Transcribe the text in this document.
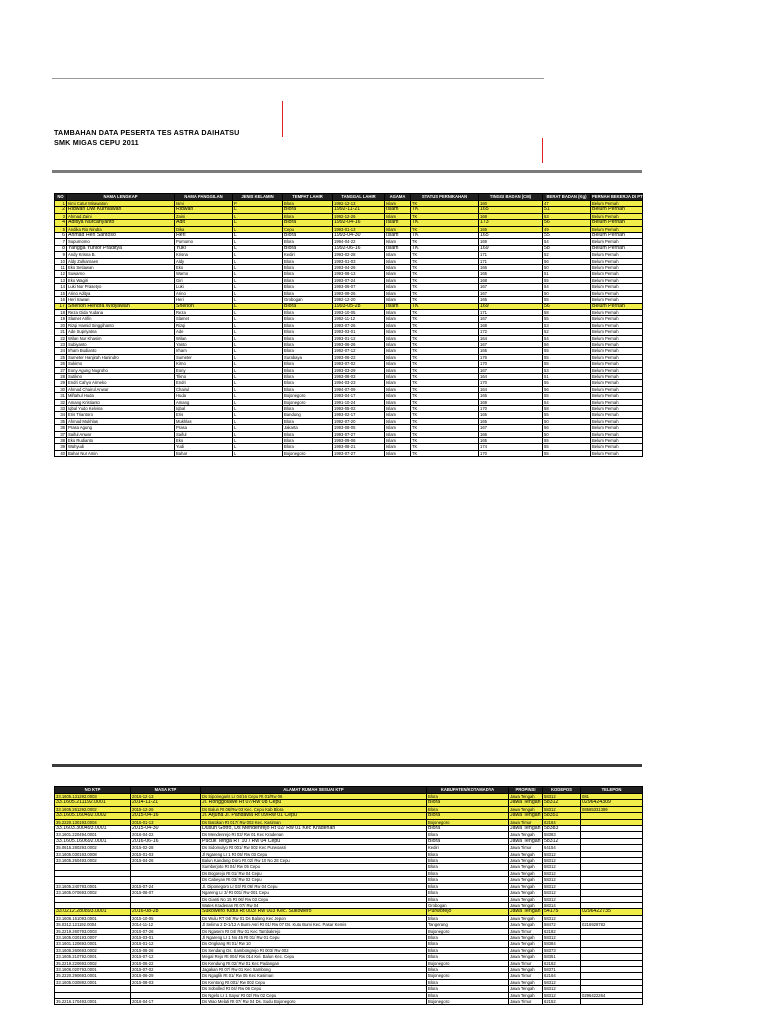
TAMBAHAN DATA PESERTA TES ASTRA DAIHATSU
SMK MIGAS CEPU 2011
NO	NAMA LENGKAP	NAMA PANGGILAN	JENIS KELAMIN	TEMPAT LAHIR	TANGGAL LAHIR	AGAMA	STATUS PERNIKAHAN	TINGGI BADAN (CM)	BERAT BADAN (Kg)	PERNAH BEKERJA DI PT ADM
1	Ismi Catur Mirawaton	Ismi	P	Blora	1992-12-13	Islam	TK	160	47	Belum Pernah
2	Ridwan Dwi Kurniawan	Ridwan	L	Blora	1992-11-21	Islam	TK	165	51	Belum Pernah
3	Ahmad Zaini	Zaini	L	Blora	1992-12-26	Islam	TK	168	53	Belum Pernah
4	Aditiya Nurcahyanto	Adit	L	Blora	1992-04-16	Islam	TK	173	56	Belum Pernah
5	Andika Rio Nindra	Dika	L	Cepu	1993-01-13	Islam	TK	166	49	Belum Pernah
6	Ahmad Heri Santoso	Heri	L	Blora	1993-04-30	Islam	TK	165	55	Belum Pernah
7	Supurnomo	Purnomo	L	Blora	1994-04-22	Islam	TK	169	54	Belum Pernah
8	Yangga Yunior Praditya	Yuki	L	Blora	1992-06-16	Islam	TK	169	58	Belum Pernah
9	Andy Krisna B.	Krisna	L	Kediri	1993-02-28	Islam	TK	171	52	Belum Pernah
10	Aldy Zulkarnaen	Aldy	L	Blora	1993-01-03	Islam	TK	171	56	Belum Pernah
11	Eko Setiawan	Eko	L	Blora	1993-04-26	Islam	TK	166	50	Belum Pernah
12	Suwarno	Warno	L	Blora	1993-08-13	Islam	TK	165	51	Belum Pernah
13	Eko Wagiri	Giri	L	Blora	1993-07-24	Islam	TK	168	55	Belum Pernah
14	Luki Nur Prasetyo	Luki	L	Blora	1993-06-07	Islam	TK	167	54	Belum Pernah
15	Arino Aditya	Arino	L	Blora	1993-09-26	Islam	TK	167	50	Belum Pernah
16	Heri Irawan	Heri	L	Grobogan	1992-12-20	Islam	TK	165	55	Belum Pernah
17	Sherlon Hendra Widyawan	Sherlon	L	Blora	1993-05-28	Islam	TK	169	56	Belum Pernah
18	Reza Gida Yudana	Reza	L	Blora	1993-10-05	Islam	TK	171	58	Belum Pernah
19	Slamet Arifin	Slamet	L	Blora	1992-11-12	Islam	TK	167	55	Belum Pernah
20	Rizqi Hamid Singgihanto	Rizqi	L	Blora	1993-07-26	Islam	TK	168	53	Belum Pernah
21	Ade Supriyatna	Ade	L	Blora	1993-03-01	Islam	TK	172	52	Belum Pernah
22	Wilan Nur Khasim	Wilan	L	Blora	1993-01-12	Islam	TK	164	54	Belum Pernah
23	Subiyanto	Yanto	L	Blora	1993-06-26	Islam	TK	167	56	Belum Pernah
24	Irham Budianto	Irham	L	Blora	1992-07-12	Islam	TK	165	55	Belum Pernah
25	Sumeter Hanjirah Hanindro	Sumeter	L	Surabaya	1993-06-22	Islam	TK	176	55	Belum Pernah
26	Sukirno	Kirno	L	Blora	1993-07-02	Islam	TK	170	55	Belum Pernah
27	Eony Agung Nugroho	Eony	L	Blora	1993-03-29	Islam	TK	167	53	Belum Pernah
28	Sutikno	Tikno	L	Blora	1993-08-03	Islam	TK	164	51	Belum Pernah
29	Endri Cahyo Armeko	Endri	L	Blora	1994-03-23	Islam	TK	170	55	Belum Pernah
30	Ahmad Chairul Anwar	Chairul	L	Blora	1994-07-09	Islam	TK	164	56	Belum Pernah
31	Miftahul Huda	Huda	L	Bojonegoro	1993-04-17	Islam	TK	165	55	Belum Pernah
32	Amang Kristianto	Amang	L	Bojonegoro	1991-10-24	Islam	TK	169	54	Belum Pernah
33	Iqbal Yudo Kelvina	Iqbal	L	Blora	1993-05-02	Islam	TK	170	58	Belum Pernah
34	Eris Triantoro	Eris	L	Bandung	1993-02-17	Islam	TK	165	55	Belum Pernah
35	Ahmad Mukhlas	Mukhlas	L	Blora	1992-07-20	Islam	TK	165	50	Belum Pernah
36	Prasa Agung	Prasa	L	Jakarta	1993-08-05	Islam	TK	167	56	Belum Pernah
37	Saiful Anwar	Saiful	L	Blora	1993-07-27	Islam	TK	166	50	Belum Pernah
38	Eko Rudianto	Eko	L	Blora	1993-09-06	Islam	TK	165	55	Belum Pernah
39	Wahyudi	Yudi	L	Blora	1993-08-21	Islam	TK	174	55	Belum Pernah
40	Bahar Nur Amin	Bahar	L	Bojonegoro	1993-07-27	Islam	TK	170	55	Belum Pernah
NO KTP	MASA KTP	ALAMAT RUMAH SESUAI KTP	KABUPATEN/KOTAMADYA	PROPINSI	KODEPOS	TELEPON
33.1605.131292.0003	2016-12-13	Ds Siponegaris Lr 04/16 Cepu Rt 01/Rw 06	Blora	Jawa Tengah	58312	081
33.1605.211192.0001	2014-11-21	Jl. Ronggolawe Rt 07/Rw 08 Cepu	Blora	Jawa Tengah	58312	0296424309
33.1605.261292.0002	2015-12-26	Ds Balun Rt 06/Rw 03 Kec. Cepu Kab Blora	Blora	Jawa Tengah	58312	08565331389
33.1605.160492.0002	2015-04-16	Jl. Arjuna Jl. Pandawa Rt 09/Rw 01 Cepu	Blora	Jawa Tengah	58351	
35.2220.130193.0004	2015-01-13	Ds Batokan Rt 017/ Rw 002 Kec. Kasiman	Bojonegoro	Jawa Timur	62164	
33.1603.300493.0001	2015-04-30	Dusun Gotro, Ds Mendenrejo Rt 02/ Rw 01 Kec Kradenan	Blora	Jawa Tengah	58383	
33.1601.220494.0001	2016-04-22	Ds Mendenrejo Rt 03/ Rw 01 Kec Kradenan	Blora	Jawa Tengah	58383	
33.1605.160692.0001	2016-06-16	Pucuk Tenga RT 10 / Rw 04 Cepu	Blora	Jawa Tengah	58312	
35.0615.280293.0002	2015-02-28	Ds Sidomulyo Rt 001/ Rw 002 Kec Purwoasri	Kediri	Jawa Timur	64154	
33.1605.030193.0008	2015-01-03	Jl Ngareng Lr 1 Rt 05/ Rw 03 Cepu	Blora	Jawa Tengah	58312	
33.1605.260493.0002	2015-04-26	Balun Kandang Doro Rt 02/ Rw 10 No 28 Cepu	Blora	Jawa Tengah	58312	
		Sumberjoto Rt 04/ Rw 05 Cepu	Blora	Jawa Tengah	58312	
		Ds Bogorejo Rt 01/ Rw 04 Cepu	Blora	Jawa Tengah	58312	
		Ds Cabeyan Rt 03/ Rw 02 Cepu	Blora	Jawa Tengah	58312	
33.1605.240793.0001	2015-07-24	Jl. Diponegoro Lr 03/ Rt 06/ Rw 04 Cepu	Blora	Jawa Tengah	58312	
33.1605.070693.0002	2015-06-07	Ngareng Lr 3/ Rt 001/ Rw 001 Cepu	Blora	Jawa Tengah	58312	
		Ds Gianti No 15 Rt 06/ Rw 03 Cepu	Blora	Jawa Tengah	58312	
		Wates Kradenan Rt 07/ Rw 04	Grobogan	Jawa Tengah	58314	
33.0212.280893.0001	2016-08-28	Sukowero Kidul Rt 003/ Rw 003 Kec. Sukowero	Purworejo	Jawa Tengah	54175	0296422735
33.1606.151093.0001	2015-10-05	Ds Wulu RT 04/ Rw 01 Ds Balong Kec Jepon	Blora	Jawa Tengah	58312	
35.0312.121192.0004	2014-11-12	Jl Selima 2 D-1/12 A Bumi Asri Rt 01/ Rw 07 Ds. Kutu Bumi Kec. Pasar Kemis	Tangerang	Jawa Tengah	58472	0216928782
35.2219.260793.0003	2015-07-26	Ds Ngasem Rt 04/ Rw 01 Kec Tambakrejo	Bojonegoro	Jawa Timur	62182	
33.1605.030193.0007	2015-03-01	Jl Ngareng Lr 1 No 45 Rt 01/ Rw 01 Cepu	Blora	Jawa Tengah	58312	
33.1601.120693.0001	2015-01-12	Ds Ongkang Rt 01/ Rw 10	Blora	Jawa Tengah	58384	
33.1606.260693.0002	2015-06-26	Ds Sendang Ds. Sambongrejo Rt 003/ Rw 002	Blora	Jawa Tengah	58373	
33.1605.210792.0001	2015-07-12	Megal Rejo Rt 004/ Rw 014 Kel. Balun Kec. Cepu	Blora	Jawa Tengah	58351	
35.2219.220693.0002	2015-06-22	Ds Kendung Rt 02/ Rw 01 Kec Padangan	Bojonegoro	Jawa Timur	62162	
33.1606.020793.0001	2015-07-02	Jagakan Rt 07/ Rw 01 Kec Sambong	Blora	Jawa Tengah	58371	
35.2220.290693.0001	2015-06-29	Ds Ngaglik Rt 01/ Rw 05 Kec Kasiman	Bojonegoro	Jawa Timur	62164	
33.1605.030892.0001	2015-08-03	Ds Kentong Rt 001/ Rw 002 Cepu	Blora	Jawa Tengah	58312	
		Ds Sobolled Rt 04/ Rw 06 Cepu	Blora	Jawa Tengah	58312	
		Ds Ngelo Lr 1 Sayur Rt 02/ Rw 02 Cepu	Blora	Jawa Tengah	58312	0296422264
35.2216.170493.0001	2016-04-17	Ds Wao Melati Rt 07/ Rw 04 Ds. Sudu Bojonegoro	Bojonegoro	Jawa Timur	62152	
